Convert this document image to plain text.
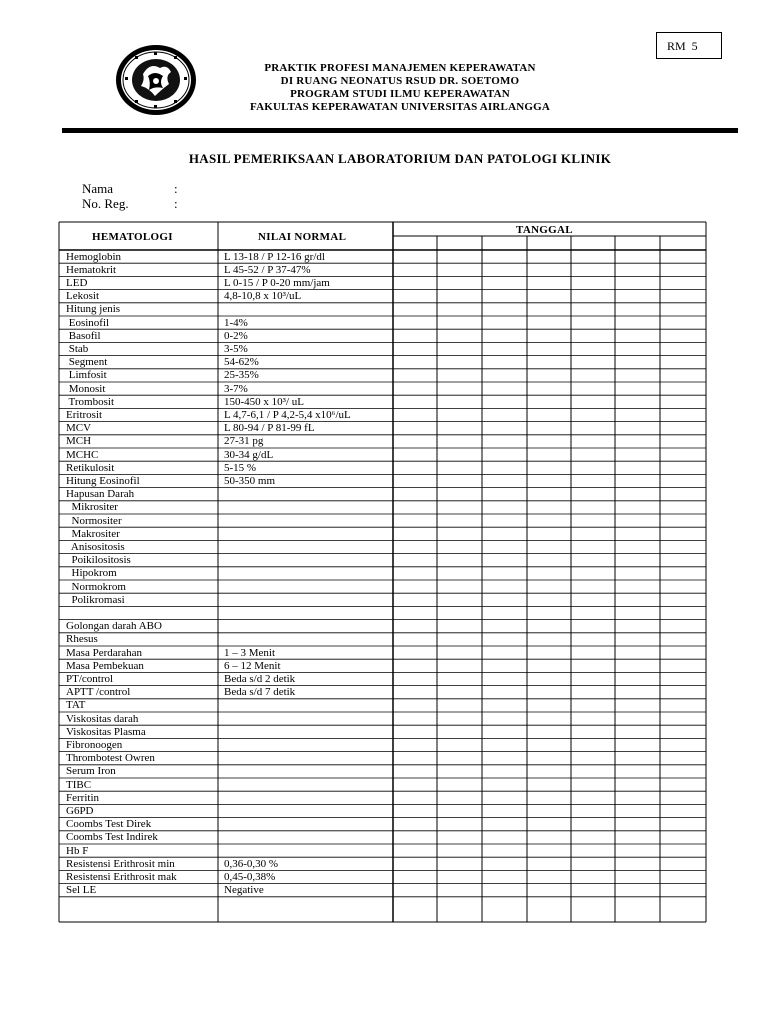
RM  5
PRAKTIK PROFESI MANAJEMEN KEPERAWATAN
DI RUANG NEONATUS RSUD DR. SOETOMO
PROGRAM STUDI ILMU KEPERAWATAN
FAKULTAS KEPERAWATAN UNIVERSITAS AIRLANGGA
HASIL PEMERIKSAAN LABORATORIUM DAN PATOLOGI KLINIK
Nama	:
No. Reg.	:
HEMATOLOGI	NILAI NORMAL
TANGGAL
Hemoglobin	L 13-18 / P 12-16 gr/dl
Hematokrit	L 45-52 / P 37-47%
LED	L 0-15 / P 0-20 mm/jam
Lekosit	4,8-10,8 x 10³/uL
Hitung jenis
Eosinofil	1-4%
Basofil	0-2%
Stab	3-5%
Segment	54-62%
Limfosit	25-35%
Monosit	3-7%
Trombosit	150-450 x 10³/ uL
Eritrosit	L 4,7-6,1 / P 4,2-5,4 x10⁶/uL
MCV	L 80-94 / P 81-99 fL
MCH	27-31 pg
MCHC	30-34 g/dL
Retikulosit	5-15 %
Hitung Eosinofil	50-350 mm
Hapusan Darah
Mikrositer
Normositer
Makrositer
Anisositosis
Poikilositosis
Hipokrom
Normokrom
Polikromasi
Golongan darah ABO
Rhesus
Masa Perdarahan	1 – 3 Menit
Masa Pembekuan	6 – 12 Menit
PT/control	Beda s/d 2 detik
APTT /control	Beda s/d 7 detik
TAT
Viskositas darah
Viskositas Plasma
Fibronoogen
Thrombotest Owren
Serum Iron
TIBC
Ferritin
G6PD
Coombs Test Direk
Coombs Test Indirek
Hb F
Resistensi Erithrosit min	0,36-0,30 %
Resistensi Erithrosit mak	0,45-0,38%
Sel LE	Negative
